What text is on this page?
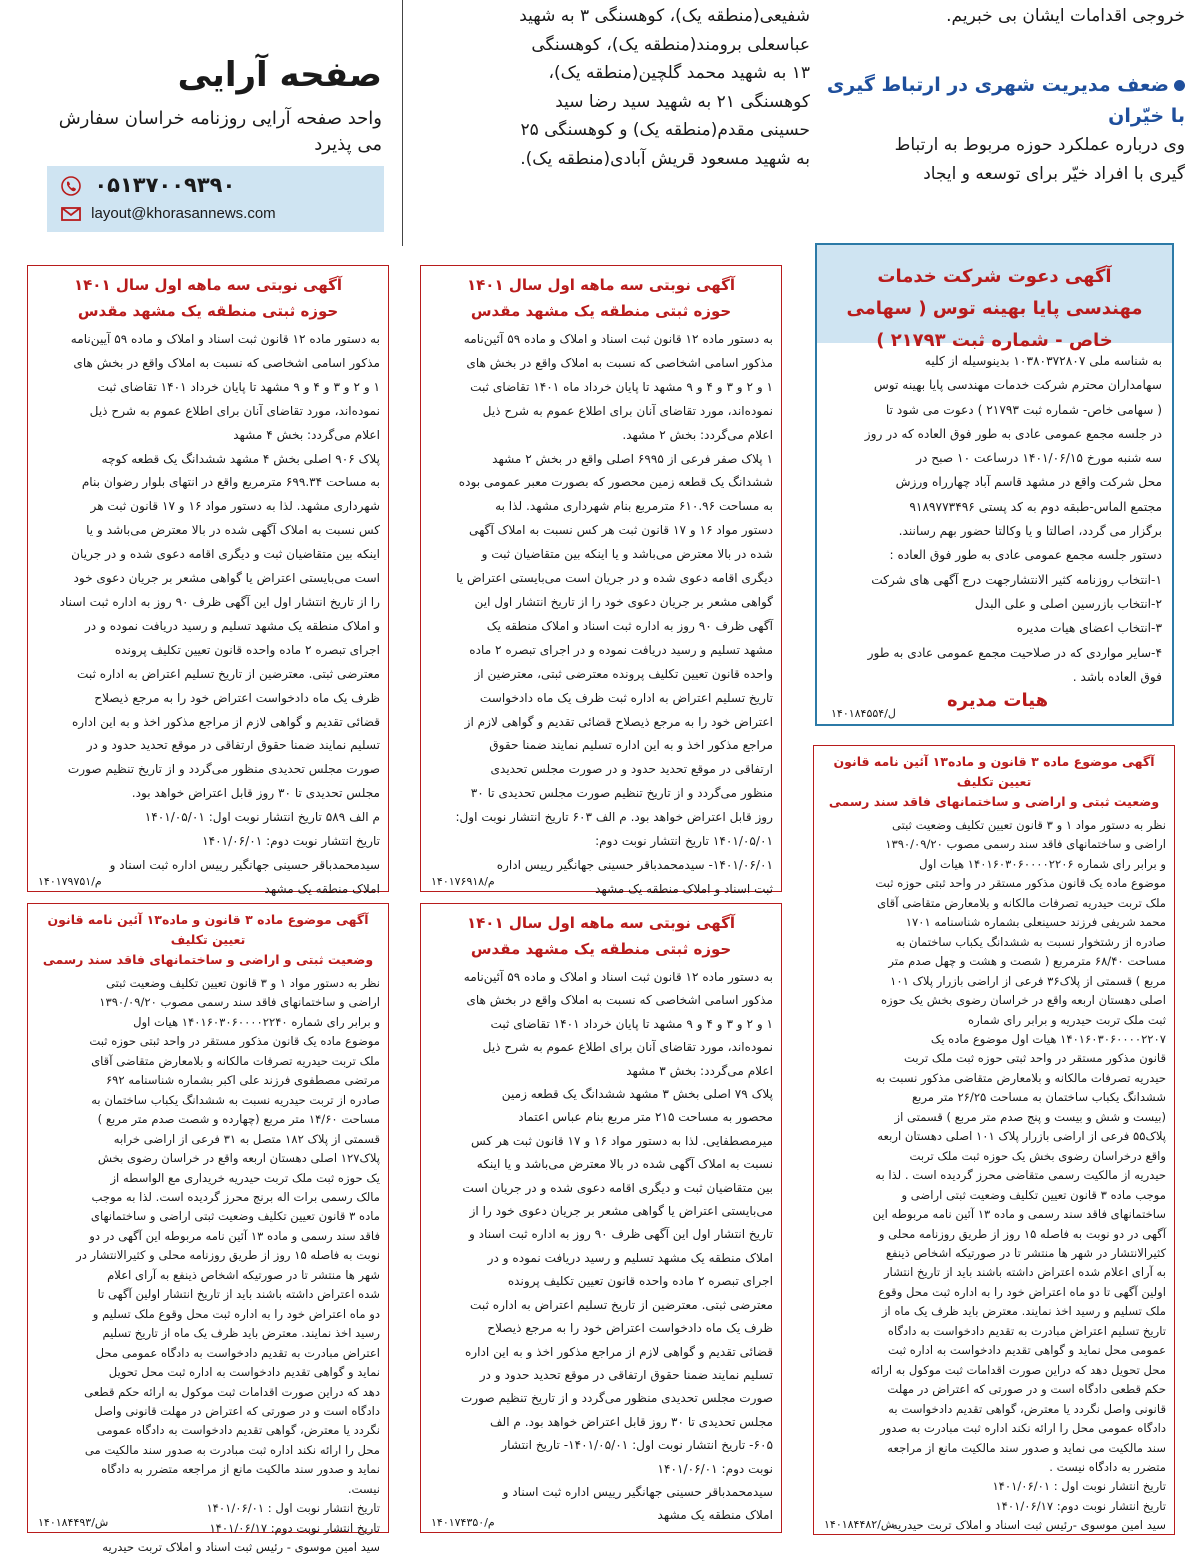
صفحه آرایی
واحد صفحه آرایی روزنامه خراسان سفارش می پذیرد
۰۵۱۳۷۰۰۹۳۹۰
layout@khorasannews.com
شفیعی(منطقه یک)، کوهسنگی ۳ به شهید
عباسعلی برومند(منطقه یک)، کوهسنگی
۱۳ به شهید محمد گلچین(منطقه یک)،
کوهسنگی ۲۱ به شهید سید رضا سید
حسینی مقدم(منطقه یک) و کوهسنگی ۲۵
به شهید مسعود قریش آبادی(منطقه یک).
خروجی اقدامات ایشان بی خبریم.
ضعف مدیریت شهری در ارتباط گیری
با خیّران
وی درباره عملکرد حوزه مربوط به ارتباط
گیری با افراد خیّر برای توسعه و ایجاد
آگهی دعوت شرکت خدمات مهندسی پایا بهینه توس ( سهامی خاص - شماره ثبت ۲۱۷۹۳ )
به شناسه ملی ۱۰۳۸۰۳۷۲۸۰۷ بدینوسیله از کلیه
سهامداران محترم شرکت خدمات مهندسی پایا بهینه توس
( سهامی خاص- شماره ثبت ۲۱۷۹۳ ) دعوت می شود تا
در جلسه مجمع عمومی عادی به طور فوق العاده که در روز
سه شنبه مورخ ۱۴۰۱/۰۶/۱۵ درساعت ۱۰ صبح در
محل شرکت واقع در مشهد قاسم آباد چهارراه ورزش
مجتمع الماس-طبقه دوم به کد پستی ۹۱۸۹۷۷۳۴۹۶
برگزار می گردد، اصالتا و یا وکالتا حضور بهم رسانند.
دستور جلسه مجمع عمومی عادی به طور فوق العاده :
۱-انتخاب روزنامه کثیر الانتشارجهت درج آگهی های شرکت
۲-انتخاب بازرسین اصلی و علی البدل
۳-انتخاب اعضای هیات مدیره
۴-سایر مواردی که در صلاحیت مجمع عمومی عادی به طور
فوق العاده باشد .
هیات مدیره
ل/۱۴۰۱۸۴۵۵۴
آگهی نوبتی سه ماهه اول سال ۱۴۰۱
حوزه ثبتی منطقه یک مشهد مقدس
به دستور ماده ۱۲ قانون ثبت اسناد و املاک و ماده ۵۹ آیین‌نامه
مذکور اسامی اشخاصی که نسبت به املاک واقع در بخش های
۱ و ۲ و ۳ و ۴ و ۹ مشهد تا پایان خرداد ۱۴۰۱ تقاضای ثبت
نموده‌اند، مورد تقاضای آنان برای اطلاع عموم به شرح ذیل
اعلام می‌گردد: بخش ۴ مشهد
پلاک ۹۰۶ اصلی بخش ۴ مشهد ششدانگ یک قطعه کوچه
به مساحت ۶۹۹.۳۴ مترمربع واقع در انتهای بلوار رضوان بنام
شهرداری مشهد. لذا به دستور مواد ۱۶ و ۱۷ قانون ثبت هر
کس نسبت به املاک آگهی شده در بالا معترض می‌باشد و یا
اینکه بین متقاضیان ثبت و دیگری اقامه دعوی شده و در جریان
است می‌بایستی اعتراض یا گواهی مشعر بر جریان دعوی خود
را از تاریخ انتشار اول این آگهی ظرف ۹۰ روز به اداره ثبت اسناد
و املاک منطقه یک مشهد تسلیم و رسید دریافت نموده و در
اجرای تبصره ۲ ماده واحده قانون تعیین تکلیف پرونده
معترضی ثبتی. معترضین از تاریخ تسلیم اعتراض به اداره ثبت
ظرف یک ماه دادخواست اعتراض خود را به مرجع ذیصلاح
قضائی تقدیم و گواهی لازم از مراجع مذکور اخذ و به این اداره
تسلیم نمایند ضمنا حقوق ارتفاقی در موقع تحدید حدود و در
صورت مجلس تحدیدی منظور می‌گردد و از تاریخ تنظیم صورت
مجلس تحدیدی تا ۳۰ روز قابل اعتراض خواهد بود.
م الف ۵۸۹ تاریخ انتشار نوبت اول: ۱۴۰۱/۰۵/۰۱
تاریخ انتشار نوبت دوم: ۱۴۰۱/۰۶/۰۱
سیدمحمدباقر حسینی جهانگیر رییس اداره ثبت اسناد و
املاک منطقه یک مشهد
م/۱۴۰۱۷۹۷۵۱
آگهی نوبتی سه ماهه اول سال ۱۴۰۱
حوزه ثبتی منطقه یک مشهد مقدس
به دستور ماده ۱۲ قانون ثبت اسناد و املاک و ماده ۵۹ آئین‌نامه
مذکور اسامی اشخاصی که نسبت به املاک واقع در بخش های
۱ و ۲ و ۳ و ۴ و ۹ مشهد تا پایان خرداد ماه ۱۴۰۱ تقاضای ثبت
نموده‌اند، مورد تقاضای آنان برای اطلاع عموم به شرح ذیل
اعلام می‌گردد: بخش ۲ مشهد.
۱ پلاک صفر فرعی از ۶۹۹۵ اصلی واقع در بخش ۲ مشهد
ششدانگ یک قطعه زمین محصور که بصورت معبر عمومی بوده
به مساحت ۶۱۰.۹۶ مترمربع بنام شهرداری مشهد. لذا به
دستور مواد ۱۶ و ۱۷ قانون ثبت هر کس نسبت به املاک آگهی
شده در بالا معترض می‌باشد و یا اینکه بین متقاضیان ثبت و
دیگری اقامه دعوی شده و در جریان است می‌بایستی اعتراض یا
گواهی مشعر بر جریان دعوی خود را از تاریخ انتشار اول این
آگهی ظرف ۹۰ روز به اداره ثبت اسناد و املاک منطقه یک
مشهد تسلیم و رسید دریافت نموده و در اجرای تبصره ۲ ماده
واحده قانون تعیین تکلیف پرونده معترضی ثبتی، معترضین از
تاریخ تسلیم اعتراض به اداره ثبت ظرف یک ماه دادخواست
اعتراض خود را به مرجع ذیصلاح قضائی تقدیم و گواهی لازم از
مراجع مذکور اخذ و به این اداره تسلیم نمایند ضمنا حقوق
ارتفاقی در موقع تحدید حدود و در صورت مجلس تحدیدی
منظور می‌گردد و از تاریخ تنظیم صورت مجلس تحدیدی تا ۳۰
روز قابل اعتراض خواهد بود. م الف ۶۰۳ تاریخ انتشار نوبت اول:
۱۴۰۱/۰۵/۰۱ تاریخ انتشار نوبت دوم:
۱۴۰۱/۰۶/۰۱- سیدمحمدباقر حسینی جهانگیر رییس اداره
ثبت اسناد و املاک منطقه یک مشهد
م/۱۴۰۱۷۶۹۱۸
آگهی موضوع ماده ۳ قانون و ماده۱۳ آئین نامه قانون تعیین تکلیف
وضعیت ثبتی و اراضی و ساختمانهای فاقد سند رسمی
نظر به دستور مواد ۱ و ۳ قانون تعیین تکلیف وضعیت ثبتی
اراضی و ساختمانهای فاقد سند رسمی مصوب ۱۳۹۰/۰۹/۲۰
و برابر رای شماره ۱۴۰۱۶۰۳۰۶۰۰۰۰۲۲۴۰ هیات اول
موضوع ماده یک قانون مذکور مستقر در واحد ثبتی حوزه ثبت
ملک تربت حیدریه تصرفات مالکانه و بلامعارض متقاضی آقای
مرتضی مصطفوی فرزند علی اکبر بشماره شناسنامه ۶۹۲
صادره از تربت حیدریه نسبت به ششدانگ یکباب ساختمان به
مساحت ۱۴/۶۰ متر مربع (چهارده و شصت صدم متر مربع )
قسمتی از پلاک ۱۸۲ متصل به ۳۱ فرعی از اراضی خرابه
پلاک۱۲۷ اصلی دهستان اربعه واقع در خراسان رضوی بخش
یک حوزه ثبت ملک تربت حیدریه خریداری مع الواسطه از
مالک رسمی برات اله برنج محرز گردیده است. لذا به موجب
ماده ۳ قانون تعیین تکلیف وضعیت ثبتی اراضی و ساختمانهای
فاقد سند رسمی و ماده ۱۳ آئین نامه مربوطه این آگهی در دو
نوبت به فاصله ۱۵ روز از طریق روزنامه محلی و کثیرالانتشار در
شهر ها منتشر تا در صورتیکه اشخاص ذینفع به آرای اعلام
شده اعتراض داشته باشند باید از تاریخ انتشار اولین آگهی تا
دو ماه اعتراض خود را به اداره ثبت محل وقوع ملک تسلیم و
رسید اخذ نمایند. معترض باید ظرف یک ماه از تاریخ تسلیم
اعتراض مبادرت به تقدیم دادخواست به دادگاه عمومی محل
نماید و گواهی تقدیم دادخواست به اداره ثبت محل تحویل
دهد که دراین صورت اقدامات ثبت موکول به ارائه حکم قطعی
دادگاه است و در صورتی که اعتراض در مهلت قانونی واصل
نگردد یا معترض، گواهی تقدیم دادخواست به دادگاه عمومی
محل را ارائه نکند اداره ثبت مبادرت به صدور سند مالکیت می
نماید و صدور سند مالکیت مانع از مراجعه متضرر به دادگاه
نیست.
تاریخ انتشار نوبت اول : ۱۴۰۱/۰۶/۰۱
تاریخ انتشار نوبت دوم: ۱۴۰۱/۰۶/۱۷
سید امین موسوی - رئیس ثبت اسناد و املاک تربت حیدریه
ش/۱۴۰۱۸۴۴۹۳
آگهی نوبتی سه ماهه اول سال ۱۴۰۱
حوزه ثبتی منطقه یک مشهد مقدس
به دستور ماده ۱۲ قانون ثبت اسناد و املاک و ماده ۵۹ آئین‌نامه
مذکور اسامی اشخاصی که نسبت به املاک واقع در بخش های
۱ و ۲ و ۳ و ۴ و ۹ مشهد تا پایان خرداد ۱۴۰۱ تقاضای ثبت
نموده‌اند، مورد تقاضای آنان برای اطلاع عموم به شرح ذیل
اعلام می‌گردد: بخش ۳ مشهد
پلاک ۷۹ اصلی بخش ۳ مشهد ششدانگ یک قطعه زمین
محصور به مساحت ۲۱۵ متر مربع بنام عباس اعتماد
میرمصطفایی. لذا به دستور مواد ۱۶ و ۱۷ قانون ثبت هر کس
نسبت به املاک آگهی شده در بالا معترض می‌باشد و یا اینکه
بین متقاضیان ثبت و دیگری اقامه دعوی شده و در جریان است
می‌بایستی اعتراض یا گواهی مشعر بر جریان دعوی خود را از
تاریخ انتشار اول این آگهی ظرف ۹۰ روز به اداره ثبت اسناد و
املاک منطقه یک مشهد تسلیم و رسید دریافت نموده و در
اجرای تبصره ۲ ماده واحده قانون تعیین تکلیف پرونده
معترضی ثبتی. معترضین از تاریخ تسلیم اعتراض به اداره ثبت
ظرف یک ماه دادخواست اعتراض خود را به مرجع ذیصلاح
قضائی تقدیم و گواهی لازم از مراجع مذکور اخذ و به این اداره
تسلیم نمایند ضمنا حقوق ارتفاقی در موقع تحدید حدود و در
صورت مجلس تحدیدی منظور می‌گردد و از تاریخ تنظیم صورت
مجلس تحدیدی تا ۳۰ روز قابل اعتراض خواهد بود. م الف
۶۰۵- تاریخ انتشار نوبت اول: ۱۴۰۱/۰۵/۰۱- تاریخ انتشار
نوبت دوم: ۱۴۰۱/۰۶/۰۱
سیدمحمدباقر حسینی جهانگیر رییس اداره ثبت اسناد و
املاک منطقه یک مشهد
م/۱۴۰۱۷۴۳۵۰
آگهی موضوع ماده ۳ قانون و ماده۱۳ آئین نامه قانون تعیین تکلیف
وضعیت ثبتی و اراضی و ساختمانهای فاقد سند رسمی
نظر به دستور مواد ۱ و ۳ قانون تعیین تکلیف وضعیت ثبتی
اراضی و ساختمانهای فاقد سند رسمی مصوب ۱۳۹۰/۰۹/۲۰
و برابر رای شماره ۱۴۰۱۶۰۳۰۶۰۰۰۰۲۲۰۶ هیات اول
موضوع ماده یک قانون مذکور مستقر در واحد ثبتی حوزه ثبت
ملک تربت حیدریه تصرفات مالکانه و بلامعارض متقاضی آقای
محمد شریفی فرزند حسینعلی بشماره شناسنامه ۱۷۰۱
صادره از رشتخوار نسبت به ششدانگ یکباب ساختمان به
مساحت ۶۸/۴۰ مترمربع ( شصت و هشت و چهل صدم متر
مربع ) قسمتی از پلاک۳۶ فرعی از اراضی بازرار پلاک ۱۰۱
اصلی دهستان اربعه واقع در خراسان رضوی بخش یک حوزه
ثبت ملک تربت حیدریه و برابر رای شماره
۱۴۰۱۶۰۳۰۶۰۰۰۰۲۲۰۷ هیات اول موضوع ماده یک
قانون مذکور مستقر در واحد ثبتی حوزه ثبت ملک تربت
حیدریه تصرفات مالکانه و بلامعارض متقاضی مذکور نسبت به
ششدانگ یکباب ساختمان به مساحت ۲۶/۲۵ متر مربع
(بیست و شش و بیست و پنج صدم متر مربع ) قسمتی از
پلاک۵۵ فرعی از اراضی بازرار پلاک ۱۰۱ اصلی دهستان اربعه
واقع درخراسان رضوی بخش یک حوزه ثبت ملک تربت
حیدریه از مالکیت رسمی متقاضی محرز گردیده است . لذا به
موجب ماده ۳ قانون تعیین تکلیف وضعیت ثبتی اراضی و
ساختمانهای فاقد سند رسمی و ماده ۱۳ آئین نامه مربوطه این
آگهی در دو نوبت به فاصله ۱۵ روز از طریق روزنامه محلی و
کثیرالانتشار در شهر ها منتشر تا در صورتیکه اشخاص ذینفع
به آرای اعلام شده اعتراض داشته باشند باید از تاریخ انتشار
اولین آگهی تا دو ماه اعتراض خود را به اداره ثبت محل وقوع
ملک تسلیم و رسید اخذ نمایند. معترض باید ظرف یک ماه از
تاریخ تسلیم اعتراض مبادرت به تقدیم دادخواست به دادگاه
عمومی محل نماید و گواهی تقدیم دادخواست به اداره ثبت
محل تحویل دهد که دراین صورت اقدامات ثبت موکول به ارائه
حکم قطعی دادگاه است و در صورتی که اعتراض در مهلت
قانونی واصل نگردد یا معترض، گواهی تقدیم دادخواست به
دادگاه عمومی محل را ارائه نکند اداره ثبت مبادرت به صدور
سند مالکیت می نماید و صدور سند مالکیت مانع از مراجعه
متضرر به دادگاه نیست .
تاریخ انتشار نوبت اول : ۱۴۰۱/۰۶/۰۱
تاریخ انتشار نوبت دوم: ۱۴۰۱/۰۶/۱۷
سید امین موسوی -رئیس ثبت اسناد و املاک تربت حیدریه
ش/۱۴۰۱۸۴۴۸۲
